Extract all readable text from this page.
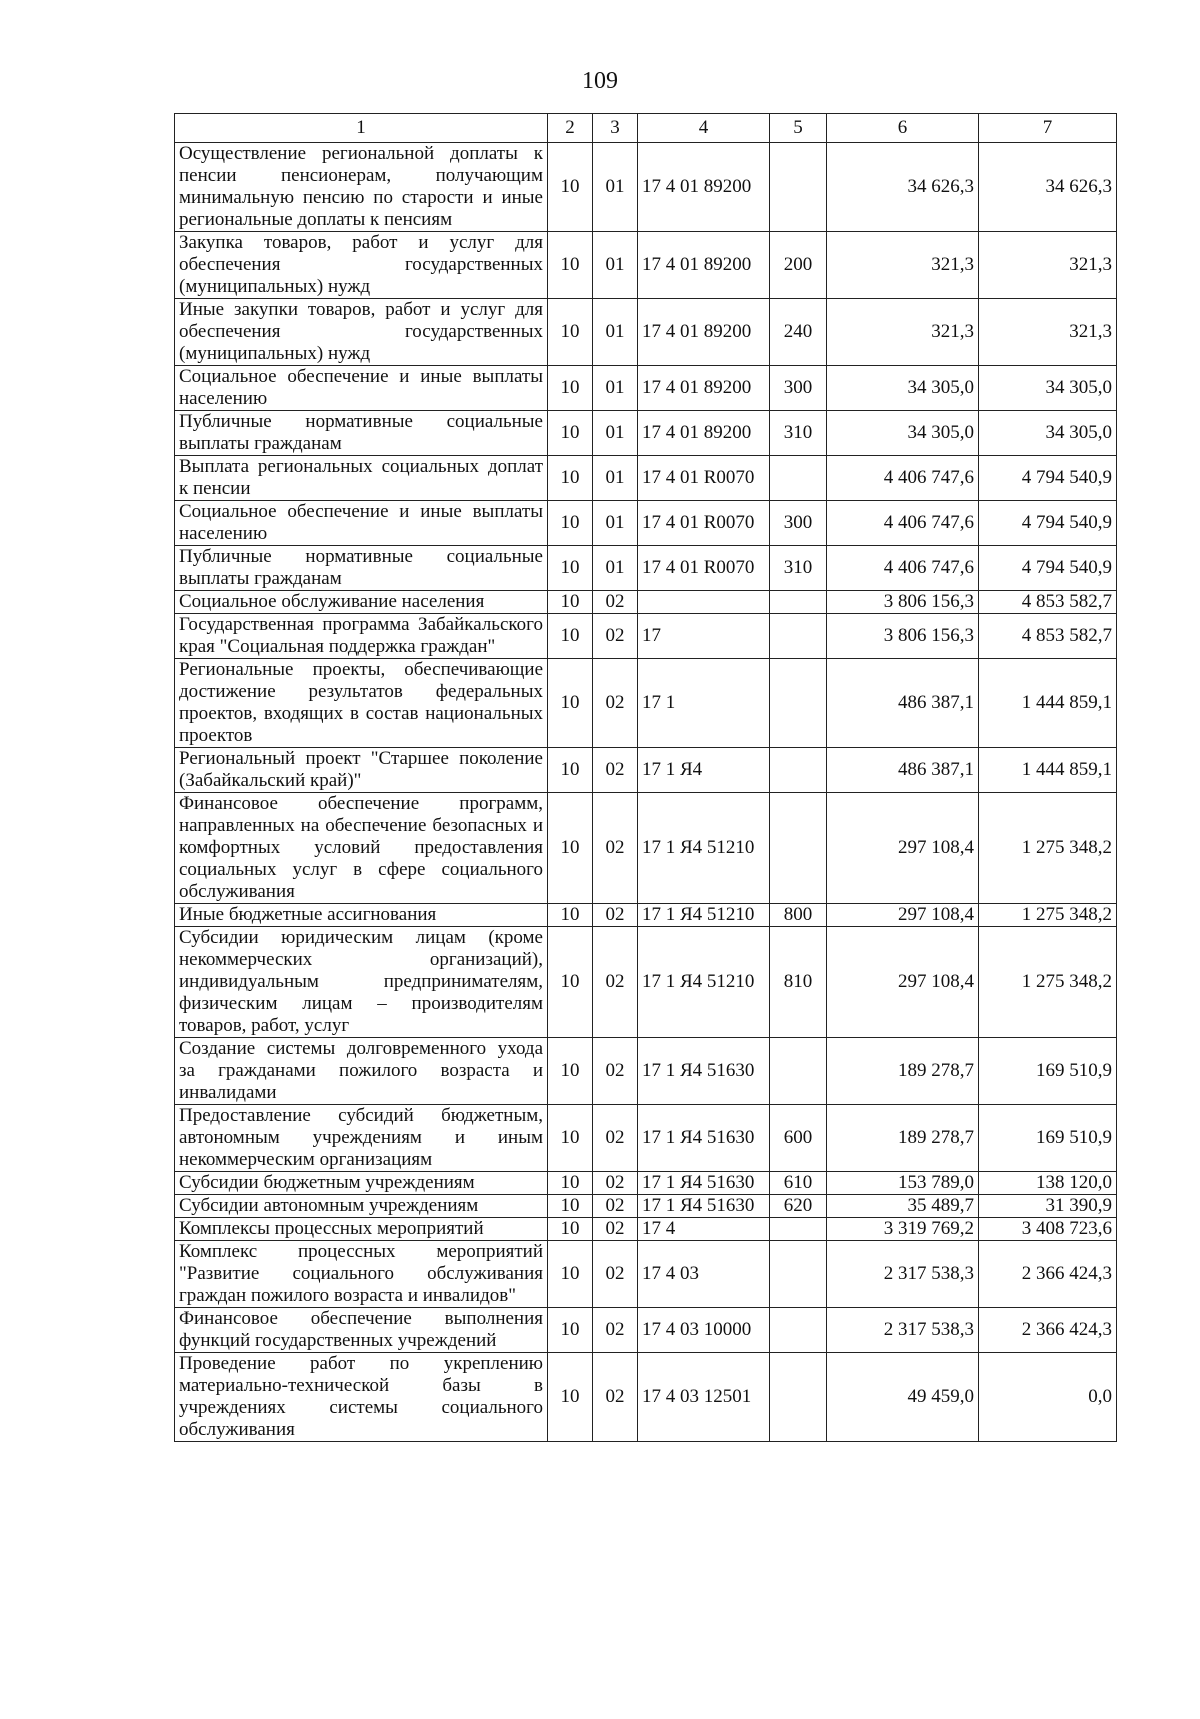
109
1	2	3	4	5	6	7
Осуществление региональной доплаты к пенсии пенсионерам, получающим минимальную пенсию по старости и иные региональные доплаты к пенсиям	10	01	17 4 01 89200		34 626,3	34 626,3
Закупка товаров, работ и услуг для обеспечения государственных (муниципальных) нужд	10	01	17 4 01 89200	200	321,3	321,3
Иные закупки товаров, работ и услуг для обеспечения государственных (муниципальных) нужд	10	01	17 4 01 89200	240	321,3	321,3
Социальное обеспечение и иные выплаты населению	10	01	17 4 01 89200	300	34 305,0	34 305,0
Публичные нормативные социальные выплаты гражданам	10	01	17 4 01 89200	310	34 305,0	34 305,0
Выплата региональных социальных доплат к пенсии	10	01	17 4 01 R0070		4 406 747,6	4 794 540,9
Социальное обеспечение и иные выплаты населению	10	01	17 4 01 R0070	300	4 406 747,6	4 794 540,9
Публичные нормативные социальные выплаты гражданам	10	01	17 4 01 R0070	310	4 406 747,6	4 794 540,9
Социальное обслуживание населения	10	02			3 806 156,3	4 853 582,7
Государственная программа Забайкальского края "Социальная поддержка граждан"	10	02	17		3 806 156,3	4 853 582,7
Региональные проекты, обеспечивающие достижение результатов федеральных проектов, входящих в состав национальных проектов	10	02	17 1		486 387,1	1 444 859,1
Региональный проект "Старшее поколение (Забайкальский край)"	10	02	17 1 Я4		486 387,1	1 444 859,1
Финансовое обеспечение программ, направленных на обеспечение безопасных и комфортных условий предоставления социальных услуг в сфере социального обслуживания	10	02	17 1 Я4 51210		297 108,4	1 275 348,2
Иные бюджетные ассигнования	10	02	17 1 Я4 51210	800	297 108,4	1 275 348,2
Субсидии юридическим лицам (кроме некоммерческих организаций), индивидуальным предпринимателям, физическим лицам – производителям товаров, работ, услуг	10	02	17 1 Я4 51210	810	297 108,4	1 275 348,2
Создание системы долговременного ухода за гражданами пожилого возраста и инвалидами	10	02	17 1 Я4 51630		189 278,7	169 510,9
Предоставление субсидий бюджетным, автономным учреждениям и иным некоммерческим организациям	10	02	17 1 Я4 51630	600	189 278,7	169 510,9
Субсидии бюджетным учреждениям	10	02	17 1 Я4 51630	610	153 789,0	138 120,0
Субсидии автономным учреждениям	10	02	17 1 Я4 51630	620	35 489,7	31 390,9
Комплексы процессных мероприятий	10	02	17 4		3 319 769,2	3 408 723,6
Комплекс процессных мероприятий "Развитие социального обслуживания граждан пожилого возраста и инвалидов"	10	02	17 4 03		2 317 538,3	2 366 424,3
Финансовое обеспечение выполнения функций государственных учреждений	10	02	17 4 03 10000		2 317 538,3	2 366 424,3
Проведение работ по укреплению материально-технической базы в учреждениях системы социального обслуживания	10	02	17 4 03 12501		49 459,0	0,0
